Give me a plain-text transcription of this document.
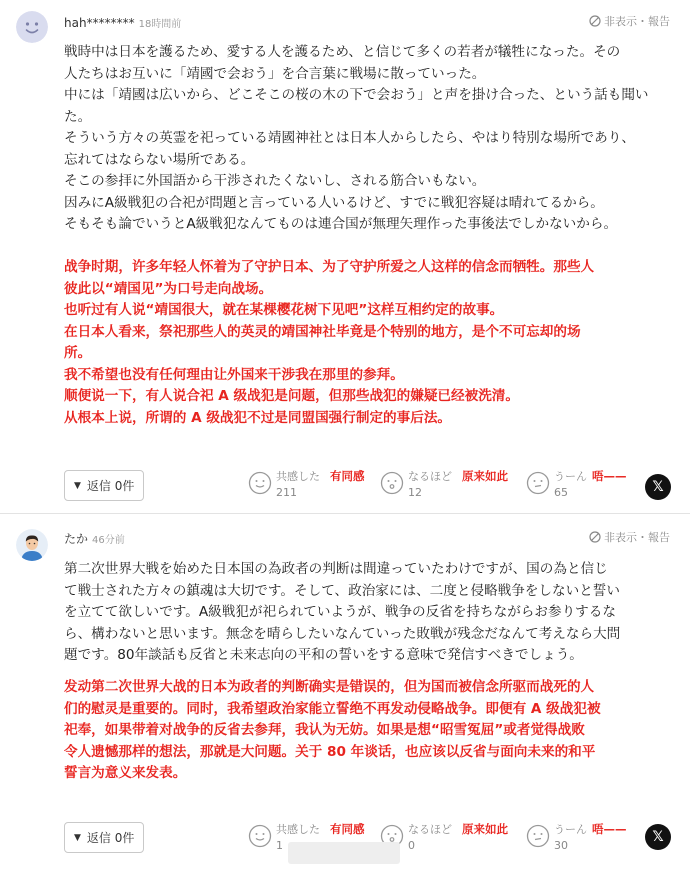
hah******** 18時間前	非表示・報告
戦時中は日本を護るため、愛する人を護るため、と信じて多くの若者が犠牲になった。その
人たちはお互いに「靖國で会おう」を合言葉に戦場に散っていった。
中には「靖國は広いから、どこそこの桜の木の下で会おう」と声を掛け合った、という話も聞い
た。
そういう方々の英霊を祀っている靖國神社とは日本人からしたら、やはり特別な場所であり、
忘れてはならない場所である。
そこの参拝に外国語から干渉されたくないし、される筋合いもない。
因みにA級戦犯の合祀が問題と言っている人いるけど、すでに戦犯容疑は晴れてるから。
そもそも論でいうとA級戦犯なんてものは連合国が無理矢理作った事後法でしかないから。
战争时期，许多年轻人怀着为了守护日本、为了守护所爱之人这样的信念而牺牲。那些人
彼此以“靖国见”为口号走向战场。
也听过有人说“靖国很大，就在某棵樱花树下见吧”这样互相约定的故事。
在日本人看来，祭祀那些人的英灵的靖国神社毕竟是个特别的地方，是个不可忘却的场
所。
我不希望也没有任何理由让外国来干涉我在那里的参拜。
顺便说一下，有人说合祀 A 级战犯是问题，但那些战犯的嫌疑已经被洗清。
从根本上说，所谓的 A 级战犯不过是同盟国强行制定的事后法。
▼ 返信 0件
共感した
211
有同感	なるほど
12
原来如此	うーん
65
唔——
𝕏
たか 46分前	非表示・報告
第二次世界大戦を始めた日本国の為政者の判断は間違っていたわけですが、国の為と信じ
て戦士された方々の鎮魂は大切です。そして、政治家には、二度と侵略戦争をしないと誓い
を立てて欲しいです。A級戦犯が祀られていようが、戦争の反省を持ちながらお参りするな
ら、構わないと思います。無念を晴らしたいなんていった敗戦が残念だなんて考えなら大問
題です。80年談話も反省と未来志向の平和の誓いをする意味で発信すべきでしょう。
发动第二次世界大战的日本为政者的判断确实是错误的，但为国而被信念所驱而战死的人
们的慰灵是重要的。同时，我希望政治家能立誓绝不再发动侵略战争。即便有 A 级战犯被
祀奉，如果带着对战争的反省去参拜，我认为无妨。如果是想“昭雪冤屈”或者觉得战败
令人遗憾那样的想法，那就是大问题。关于 80 年谈话，也应该以反省与面向未来的和平
誓言为意义来发表。
▼ 返信 0件
共感した
1
有同感	なるほど
0
原来如此	うーん
30
唔——	𝕏
